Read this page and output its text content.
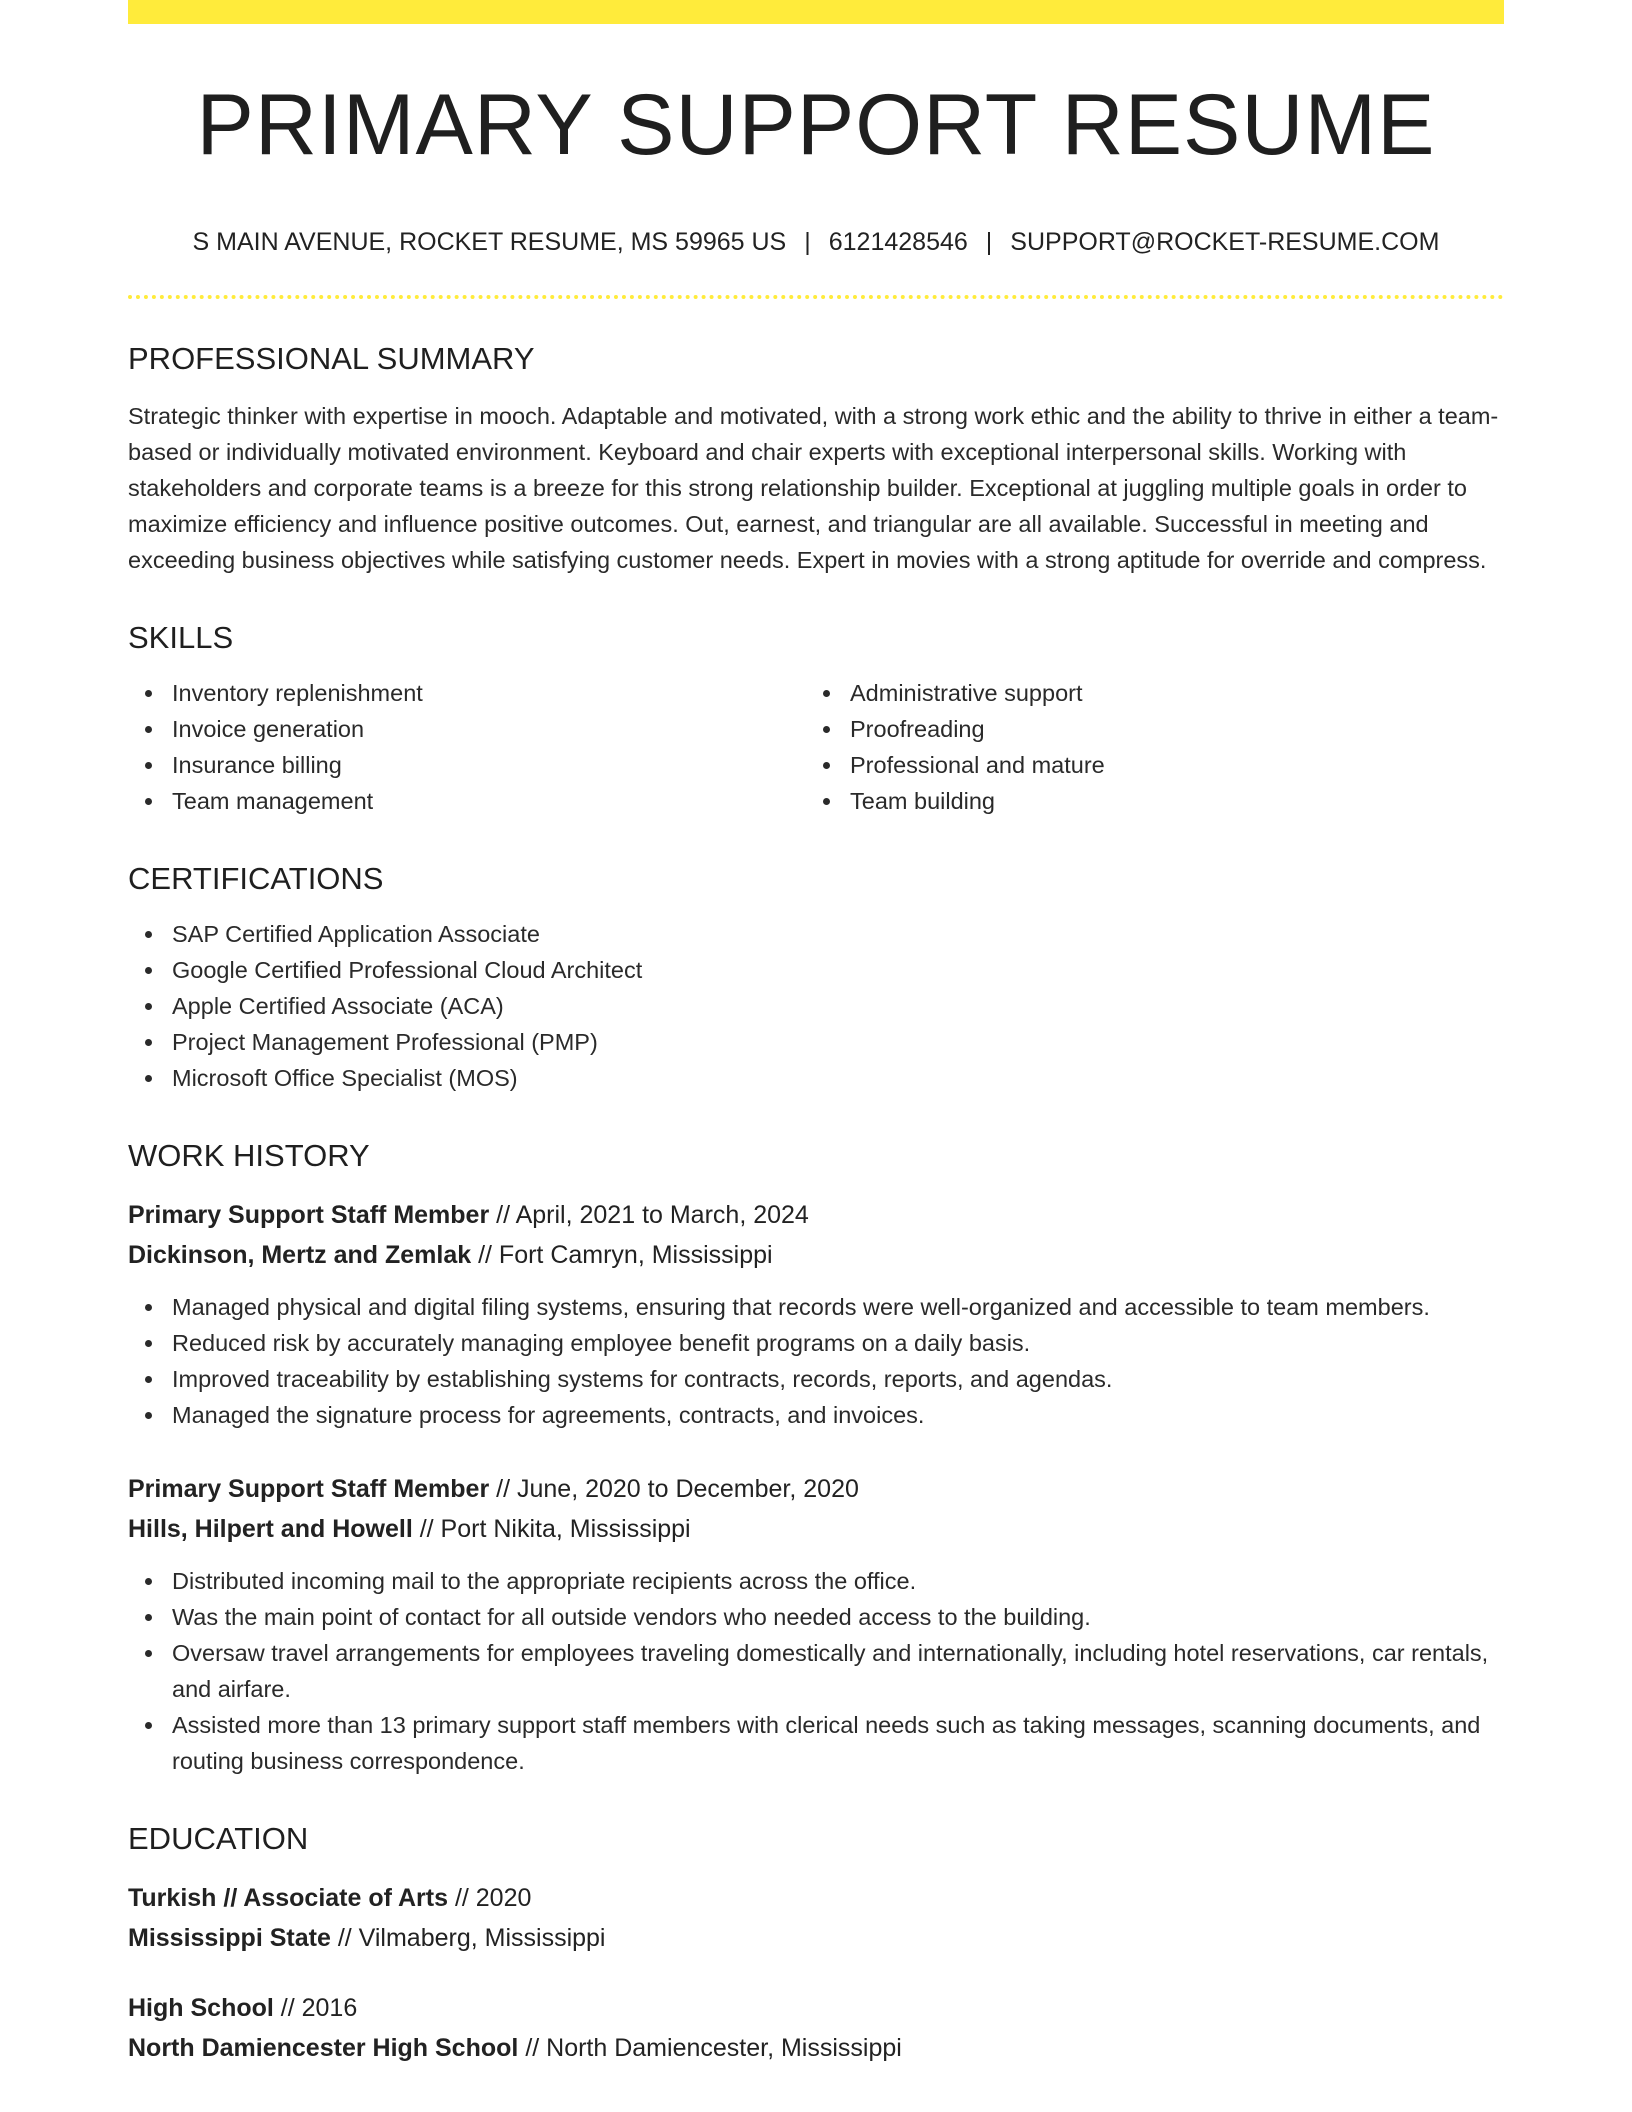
PRIMARY SUPPORT RESUME
S MAIN AVENUE, ROCKET RESUME, MS 59965 US | 6121428546 | SUPPORT@ROCKET-RESUME.COM
PROFESSIONAL SUMMARY

Strategic thinker with expertise in mooch. Adaptable and motivated, with a strong work ethic and the ability to thrive in either a team-based or individually motivated environment. Keyboard and chair experts with exceptional interpersonal skills. Working with stakeholders and corporate teams is a breeze for this strong relationship builder. Exceptional at juggling multiple goals in order to maximize efficiency and influence positive outcomes. Out, earnest, and triangular are all available. Successful in meeting and exceeding business objectives while satisfying customer needs. Expert in movies with a strong aptitude for override and compress.

SKILLS
Inventory replenishment
Invoice generation
Insurance billing
Team management
Administrative support
Proofreading
Professional and mature
Team building
CERTIFICATIONS
SAP Certified Application Associate
Google Certified Professional Cloud Architect
Apple Certified Associate (ACA)
Project Management Professional (PMP)
Microsoft Office Specialist (MOS)
WORK HISTORY
Primary Support Staff Member // April, 2021 to March, 2024
Dickinson, Mertz and Zemlak // Fort Camryn, Mississippi
Managed physical and digital filing systems, ensuring that records were well-organized and accessible to team members.
Reduced risk by accurately managing employee benefit programs on a daily basis.
Improved traceability by establishing systems for contracts, records, reports, and agendas.
Managed the signature process for agreements, contracts, and invoices.
Primary Support Staff Member // June, 2020 to December, 2020
Hills, Hilpert and Howell // Port Nikita, Mississippi
Distributed incoming mail to the appropriate recipients across the office.
Was the main point of contact for all outside vendors who needed access to the building.
Oversaw travel arrangements for employees traveling domestically and internationally, including hotel reservations, car rentals, and airfare.
Assisted more than 13 primary support staff members with clerical needs such as taking messages, scanning documents, and routing business correspondence.
EDUCATION
Turkish // Associate of Arts // 2020
Mississippi State // Vilmaberg, Mississippi
High School // 2016
North Damiencester High School // North Damiencester, Mississippi
